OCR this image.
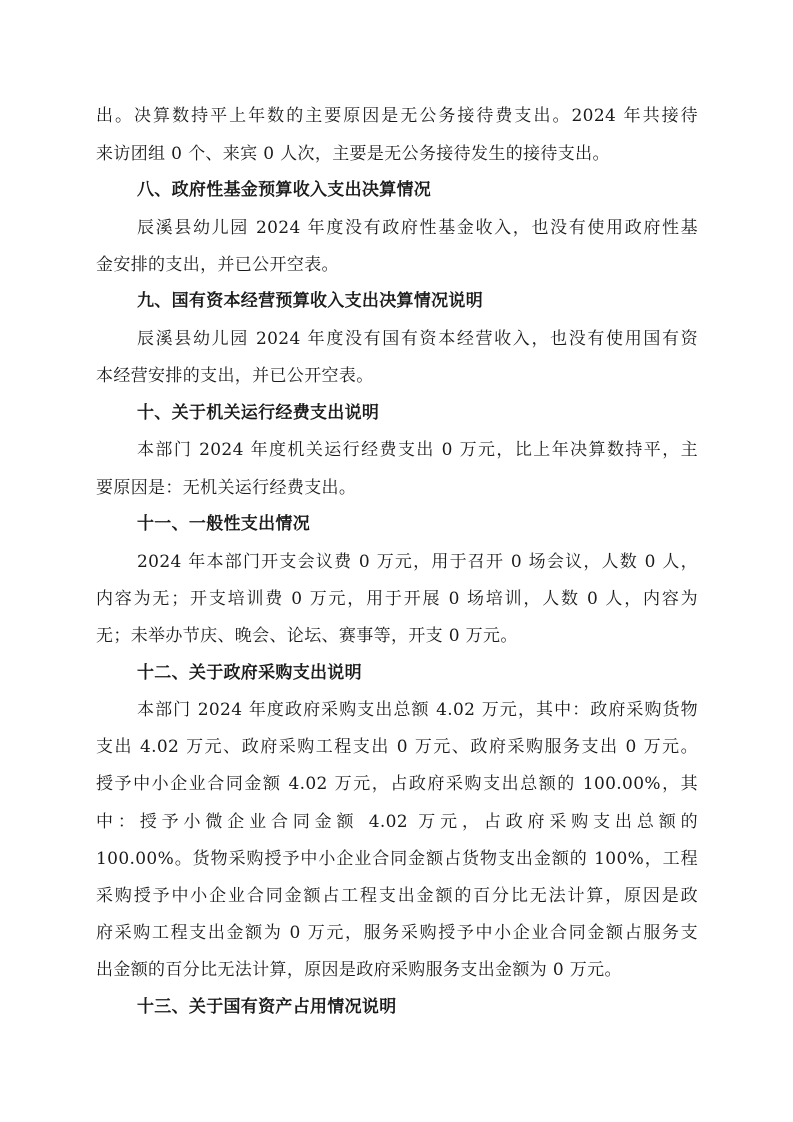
出。决算数持平上年数的主要原因是无公务接待费支出。2024 年共接待
来访团组 0 个、来宾 0 人次，主要是无公务接待发生的接待支出。
八、政府性基金预算收入支出决算情况
辰溪县幼儿园 2024 年度没有政府性基金收入，也没有使用政府性基
金安排的支出，并已公开空表。
九、国有资本经营预算收入支出决算情况说明
辰溪县幼儿园 2024 年度没有国有资本经营收入，也没有使用国有资
本经营安排的支出，并已公开空表。
十、关于机关运行经费支出说明
本部门 2024 年度机关运行经费支出 0 万元，比上年决算数持平，主
要原因是：无机关运行经费支出。
十一、一般性支出情况
2024 年本部门开支会议费 0 万元，用于召开 0 场会议，人数 0 人，
内容为无；开支培训费 0 万元，用于开展 0 场培训，人数 0 人，内容为
无；未举办节庆、晚会、论坛、赛事等，开支 0 万元。
十二、关于政府采购支出说明
本部门 2024 年度政府采购支出总额 4.02 万元，其中：政府采购货物
支出 4.02 万元、政府采购工程支出 0 万元、政府采购服务支出 0 万元。
授予中小企业合同金额 4.02 万元，占政府采购支出总额的 100.00%，其
中：授予小微企业合同金额 4.02 万元，占政府采购支出总额的
100.00%。货物采购授予中小企业合同金额占货物支出金额的 100%，工程
采购授予中小企业合同金额占工程支出金额的百分比无法计算，原因是政
府采购工程支出金额为 0 万元，服务采购授予中小企业合同金额占服务支
出金额的百分比无法计算，原因是政府采购服务支出金额为 0 万元。
十三、关于国有资产占用情况说明
